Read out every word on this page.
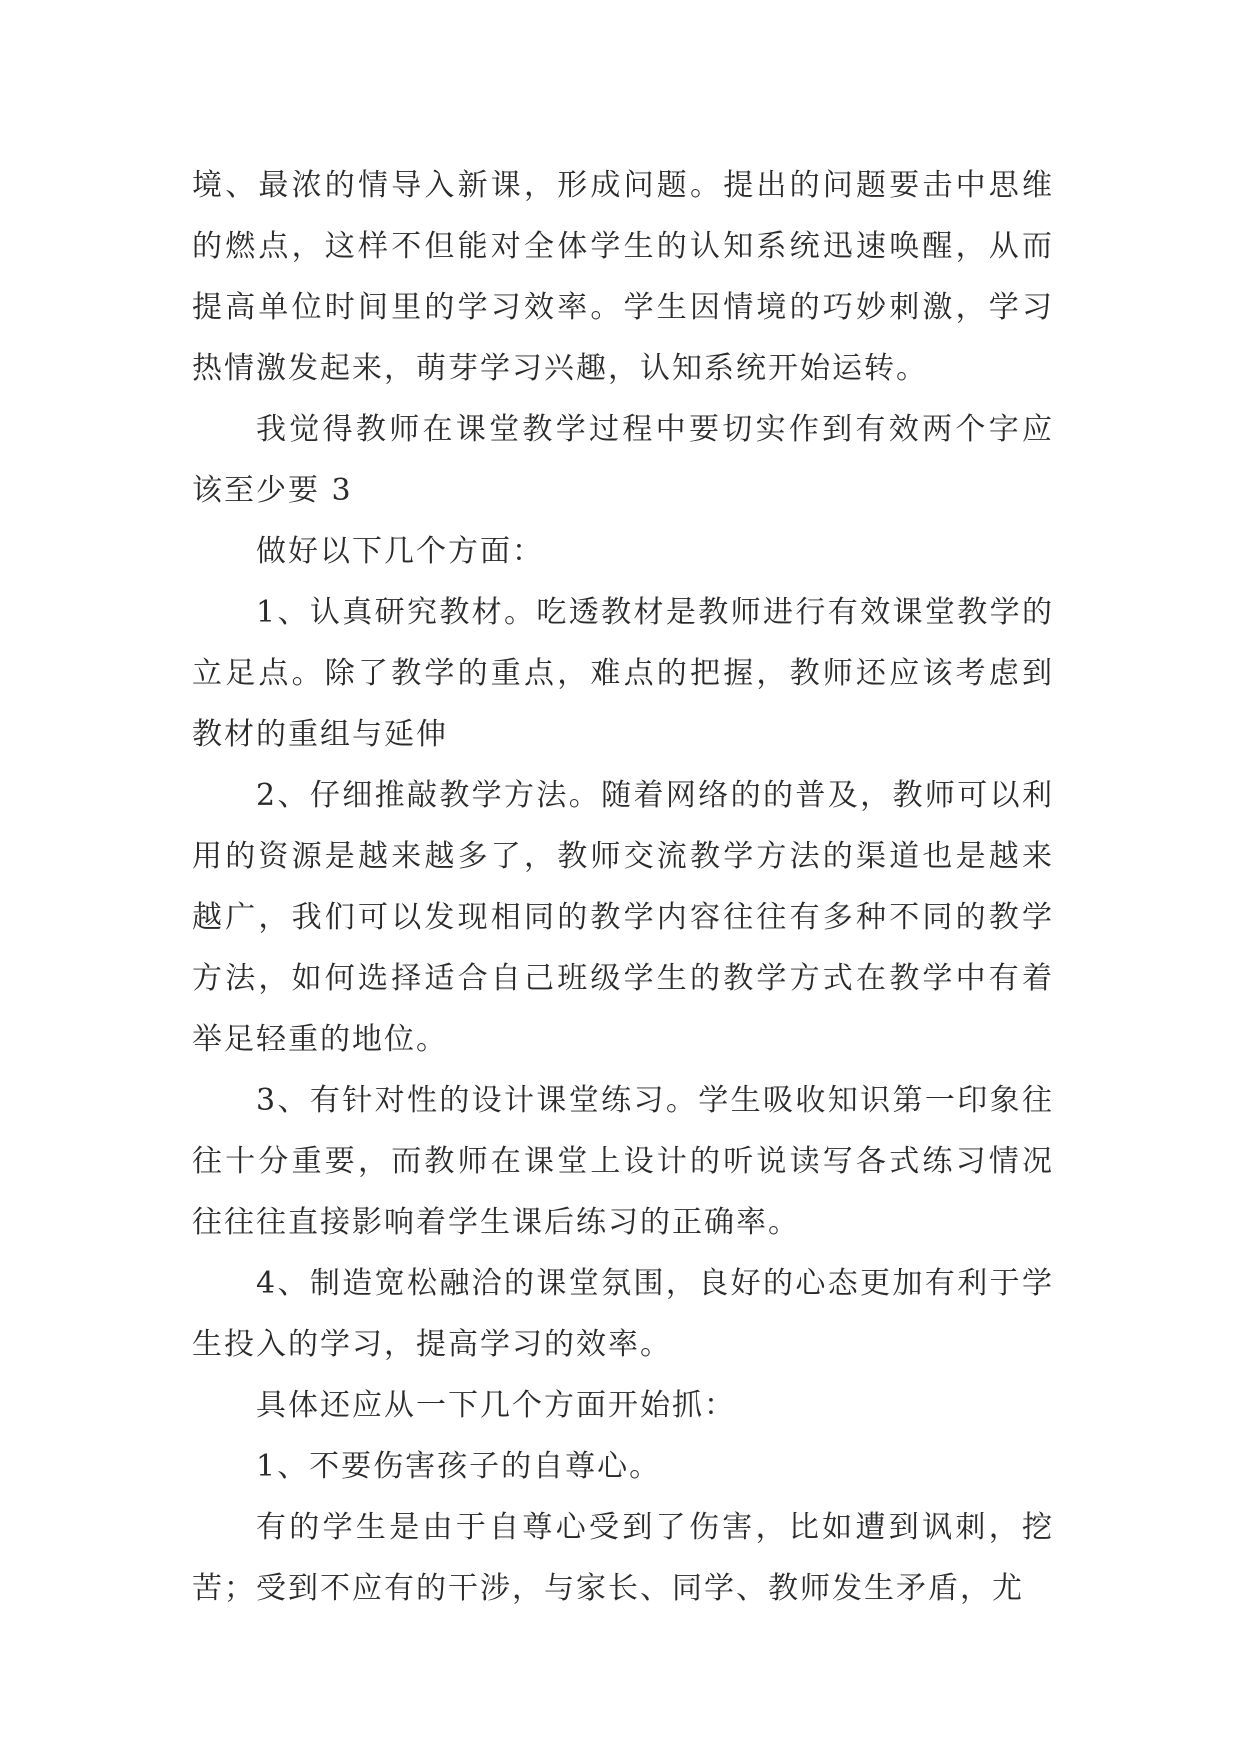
境、最浓的情导入新课，形成问题。提出的问题要击中思维的燃点，这样不但能对全体学生的认知系统迅速唤醒，从而提高单位时间里的学习效率。学生因情境的巧妙刺激，学习热情激发起来，萌芽学习兴趣，认知系统开始运转。

我觉得教师在课堂教学过程中要切实作到有效两个字应该至少要 3

做好以下几个方面：

1、认真研究教材。吃透教材是教师进行有效课堂教学的立足点。除了教学的重点，难点的把握，教师还应该考虑到教材的重组与延伸

2、仔细推敲教学方法。随着网络的的普及，教师可以利用的资源是越来越多了，教师交流教学方法的渠道也是越来越广，我们可以发现相同的教学内容往往有多种不同的教学方法，如何选择适合自己班级学生的教学方式在教学中有着举足轻重的地位。

3、有针对性的设计课堂练习。学生吸收知识第一印象往往十分重要，而教师在课堂上设计的听说读写各式练习情况往往往直接影响着学生课后练习的正确率。

4、制造宽松融洽的课堂氛围，良好的心态更加有利于学生投入的学习，提高学习的效率。

具体还应从一下几个方面开始抓：

1、不要伤害孩子的自尊心。

有的学生是由于自尊心受到了伤害，比如遭到讽刺，挖苦；受到不应有的干涉，与家长、同学、教师发生矛盾，尤
